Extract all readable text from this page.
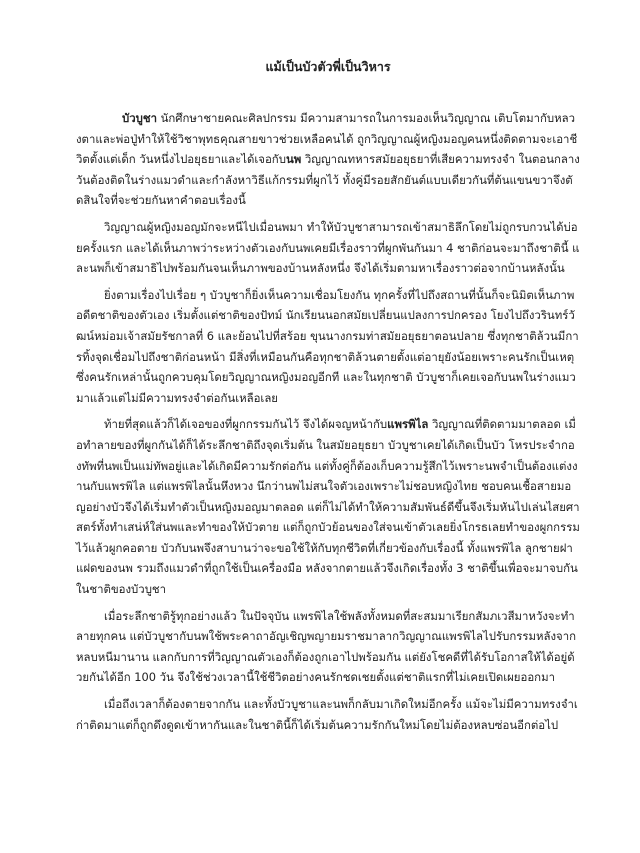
แม้เป็นบัวตัวพี่เป็นวิหาร

บัวบูชา นักศึกษาชายคณะศิลปกรรม มีความสามารถในการมองเห็นวิญญาณ เติบโตมากับหลวงตาและพ่อปู่ทำให้ใช้วิชาพุทธคุณสายขาวช่วยเหลือคนได้ ถูกวิญญาณผู้หญิงมอญคนหนึ่งติดตามจะเอาชีวิตตั้งแต่เด็ก วันหนึ่งไปอยุธยาและได้เจอกับนพ วิญญาณทหารสมัยอยุธยาที่เสียความทรงจำ ในตอนกลางวันต้องติดในร่างแมวดำและกำลังหาวิธีแก้กรรมที่ผูกไว้ ทั้งคู่มีรอยสักยันต์แบบเดียวกันที่ต้นแขนขวาจึงตัดสินใจที่จะช่วยกันหาคำตอบเรื่องนี้

วิญญาณผู้หญิงมอญมักจะหนีไปเมื่อนพมา ทำให้บัวบูชาสามารถเข้าสมาธิลึกโดยไม่ถูกรบกวนได้บ่อยครั้งแรก และได้เห็นภาพว่าระหว่างตัวเองกับนพเคยมีเรื่องราวที่ผูกพันกันมา 4 ชาติก่อนจะมาถึงชาตินี้ และนพก็เข้าสมาธิไปพร้อมกันจนเห็นภาพของบ้านหลังหนึ่ง จึงได้เริ่มตามหาเรื่องราวต่อจากบ้านหลังนั้น

ยิ่งตามเรื่องไปเรื่อย ๆ บัวบูชาก็ยิ่งเห็นความเชื่อมโยงกัน ทุกครั้งที่ไปถึงสถานที่นั้นก็จะนิมิตเห็นภาพอดีตชาติของตัวเอง เริ่มตั้งแต่ชาติของปัทม์ นักเรียนนอกสมัยเปลี่ยนแปลงการปกครอง โยงไปถึงวรินทร์วัฒน์หม่อมเจ้าสมัยรัชกาลที่ 6 และย้อนไปที่สร้อย ขุนนางกรมท่าสมัยอยุธยาตอนปลาย ซึ่งทุกชาติล้วนมีการทิ้งจุดเชื่อมไปถึงชาติก่อนหน้า มีสิ่งที่เหมือนกันคือทุกชาติล้วนตายตั้งแต่อายุยังน้อยเพราะคนรักเป็นเหตุ ซึ่งคนรักเหล่านั้นถูกควบคุมโดยวิญญาณหญิงมอญอีกที และในทุกชาติ บัวบูชาก็เคยเจอกับนพในร่างแมวมาแล้วแต่ไม่มีความทรงจำต่อกันเหลือเลย

ท้ายที่สุดแล้วก็ได้เจอของที่ผูกกรรมกันไว้ จึงได้ผจญหน้ากับแพรพิไล วิญญาณที่ติดตามมาตลอด เมื่อทำลายของที่ผูกกันได้ก็ได้ระลึกชาติถึงจุดเริ่มต้น ในสมัยอยุธยา บัวบูชาเคยได้เกิดเป็นบัว โหรประจำกองทัพที่นพเป็นแม่ทัพอยู่และได้เกิดมีความรักต่อกัน แต่ทั้งคู่ก็ต้องเก็บความรู้สึกไว้เพราะนพจำเป็นต้องแต่งงานกับแพรพิไล แต่แพรพิไลนั้นหึงหวง นึกว่านพไม่สนใจตัวเองเพราะไม่ชอบหญิงไทย ชอบคนเชื้อสายมอญอย่างบัวจึงได้เริ่มทำตัวเป็นหญิงมอญมาตลอด แต่ก็ไม่ได้ทำให้ความสัมพันธ์ดีขึ้นจึงเริ่มหันไปเล่นไสยศาสตร์ทั้งทำเสน่ห์ใส่นพและทำของให้บัวตาย แต่ก็ถูกบัวย้อนของใส่จนเข้าตัวเลยยิ่งโกรธเลยทำของผูกกรรมไว้แล้วผูกคอตาย บัวกับนพจึงสาบานว่าจะขอใช้ให้กับทุกชีวิตที่เกี่ยวข้องกับเรื่องนี้ ทั้งแพรพิไล ลูกชายฝาแฝดของนพ รวมถึงแมวดำที่ถูกใช้เป็นเครื่องมือ หลังจากตายแล้วจึงเกิดเรื่องทั้ง 3 ชาติขึ้นเพื่อจะมาจบกันในชาติของบัวบูชา

เมื่อระลึกชาติรู้ทุกอย่างแล้ว ในปัจจุบัน แพรพิไลใช้พลังทั้งหมดที่สะสมมาเรียกสัมภเวสีมาหวังจะทำลายทุกคน แต่บัวบูชากับนพใช้พระคาถาอัญเชิญพญายมราชมาลากวิญญาณแพรพิไลไปรับกรรมหลังจากหลบหนีมานาน แลกกับการที่วิญญาณตัวเองก็ต้องถูกเอาไปพร้อมกัน แต่ยังโชคดีที่ได้รับโอกาสให้ได้อยู่ด้วยกันได้อีก 100 วัน จึงใช้ช่วงเวลานี้ใช้ชีวิตอย่างคนรักชดเชยตั้งแต่ชาติแรกที่ไม่เคยเปิดเผยออกมา

เมื่อถึงเวลาก็ต้องตายจากกัน และทั้งบัวบูชาและนพก็กลับมาเกิดใหม่อีกครั้ง แม้จะไม่มีความทรงจำเก่าติดมาแต่ก็ถูกดึงดูดเข้าหากันและในชาตินี้ก็ได้เริ่มต้นความรักกันใหม่โดยไม่ต้องหลบซ่อนอีกต่อไป
